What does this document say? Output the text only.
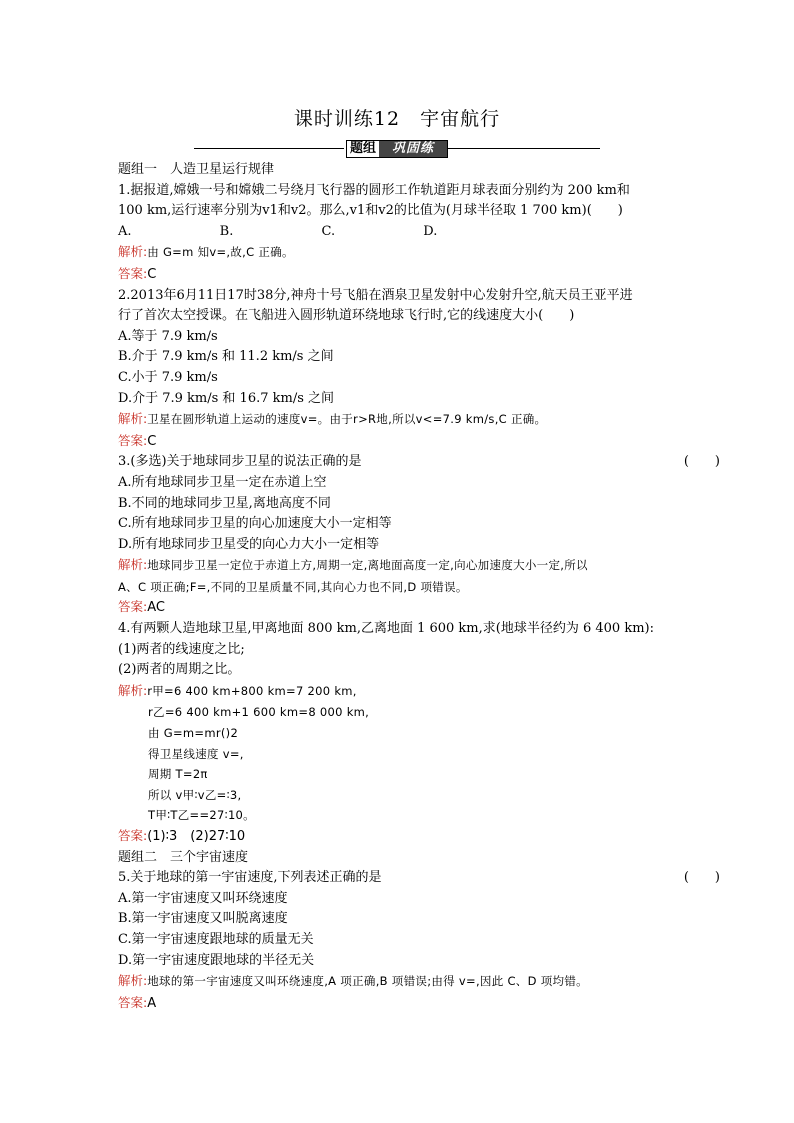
课时训练12　宇宙航行
题组	巩固练
题组一　人造卫星运行规律
1.据报道,嫦娥一号和嫦娥二号绕月飞行器的圆形工作轨道距月球表面分别约为 200 km和
100 km,运行速率分别为v1和v2。那么,v1和v2的比值为(月球半径取 1 700 km)(　　)
A.	B.	C.	D.
解析:由 G=m 知v=,故,C 正确。
答案:C
2.2013年6月11日17时38分,神舟十号飞船在酒泉卫星发射中心发射升空,航天员王亚平进
行了首次太空授课。在飞船进入圆形轨道环绕地球飞行时,它的线速度大小(　　)
A.等于 7.9 km/s
B.介于 7.9 km/s 和 11.2 km/s 之间
C.小于 7.9 km/s
D.介于 7.9 km/s 和 16.7 km/s 之间
解析:卫星在圆形轨道上运动的速度v=。由于r>R地,所以v<=7.9 km/s,C 正确。
答案:C
3.(多选)关于地球同步卫星的说法正确的是	(　　)
A.所有地球同步卫星一定在赤道上空
B.不同的地球同步卫星,离地高度不同
C.所有地球同步卫星的向心加速度大小一定相等
D.所有地球同步卫星受的向心力大小一定相等
解析:地球同步卫星一定位于赤道上方,周期一定,离地面高度一定,向心加速度大小一定,所以
A、C 项正确;F=,不同的卫星质量不同,其向心力也不同,D 项错误。
答案:AC
4.有两颗人造地球卫星,甲离地面 800 km,乙离地面 1 600 km,求(地球半径约为 6 400 km):
(1)两者的线速度之比;
(2)两者的周期之比。
解析:r甲=6 400 km+800 km=7 200 km,
r乙=6 400 km+1 600 km=8 000 km,
由 G=m=mr()2
得卫星线速度 v=,
周期 T=2π
所以 v甲∶v乙=∶3,
T甲∶T乙==27∶10。
答案:(1)∶3　(2)27∶10
题组二　三个宇宙速度
5.关于地球的第一宇宙速度,下列表述正确的是	(　　)
A.第一宇宙速度又叫环绕速度
B.第一宇宙速度又叫脱离速度
C.第一宇宙速度跟地球的质量无关
D.第一宇宙速度跟地球的半径无关
解析:地球的第一宇宙速度又叫环绕速度,A 项正确,B 项错误;由得 v=,因此 C、D 项均错。
答案:A
